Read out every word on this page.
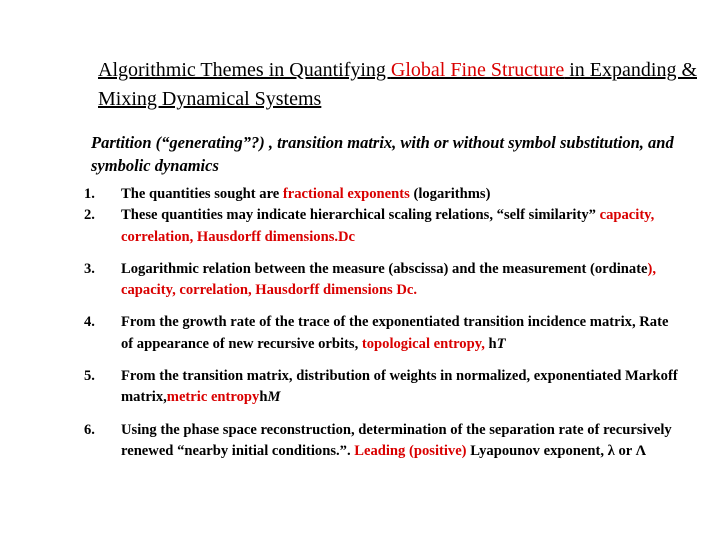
Algorithmic Themes in Quantifying Global Fine Structure in Expanding & Mixing Dynamical Systems
Partition (“generating”?) , transition matrix, with or without symbol substitution, and symbolic dynamics
1. The quantities sought are fractional exponents (logarithms)
2. These quantities may indicate hierarchical scaling relations, “self similarity” capacity, correlation, Hausdorff dimensions.Dc
3. Logarithmic relation between the measure (abscissa) and the measurement (ordinate), capacity, correlation, Hausdorff dimensions Dc.
4. From the growth rate of the trace of the exponentiated transition incidence matrix, Rate of appearance of new recursive orbits, topological entropy, hT
5. From the transition matrix, distribution of weights in normalized, exponentiated Markoff matrix,metric entropyhM
6. Using the phase space reconstruction, determination of the separation rate of recursively renewed “nearby initial conditions.”. Leading (positive) Lyapounov exponent, λ or Λ
